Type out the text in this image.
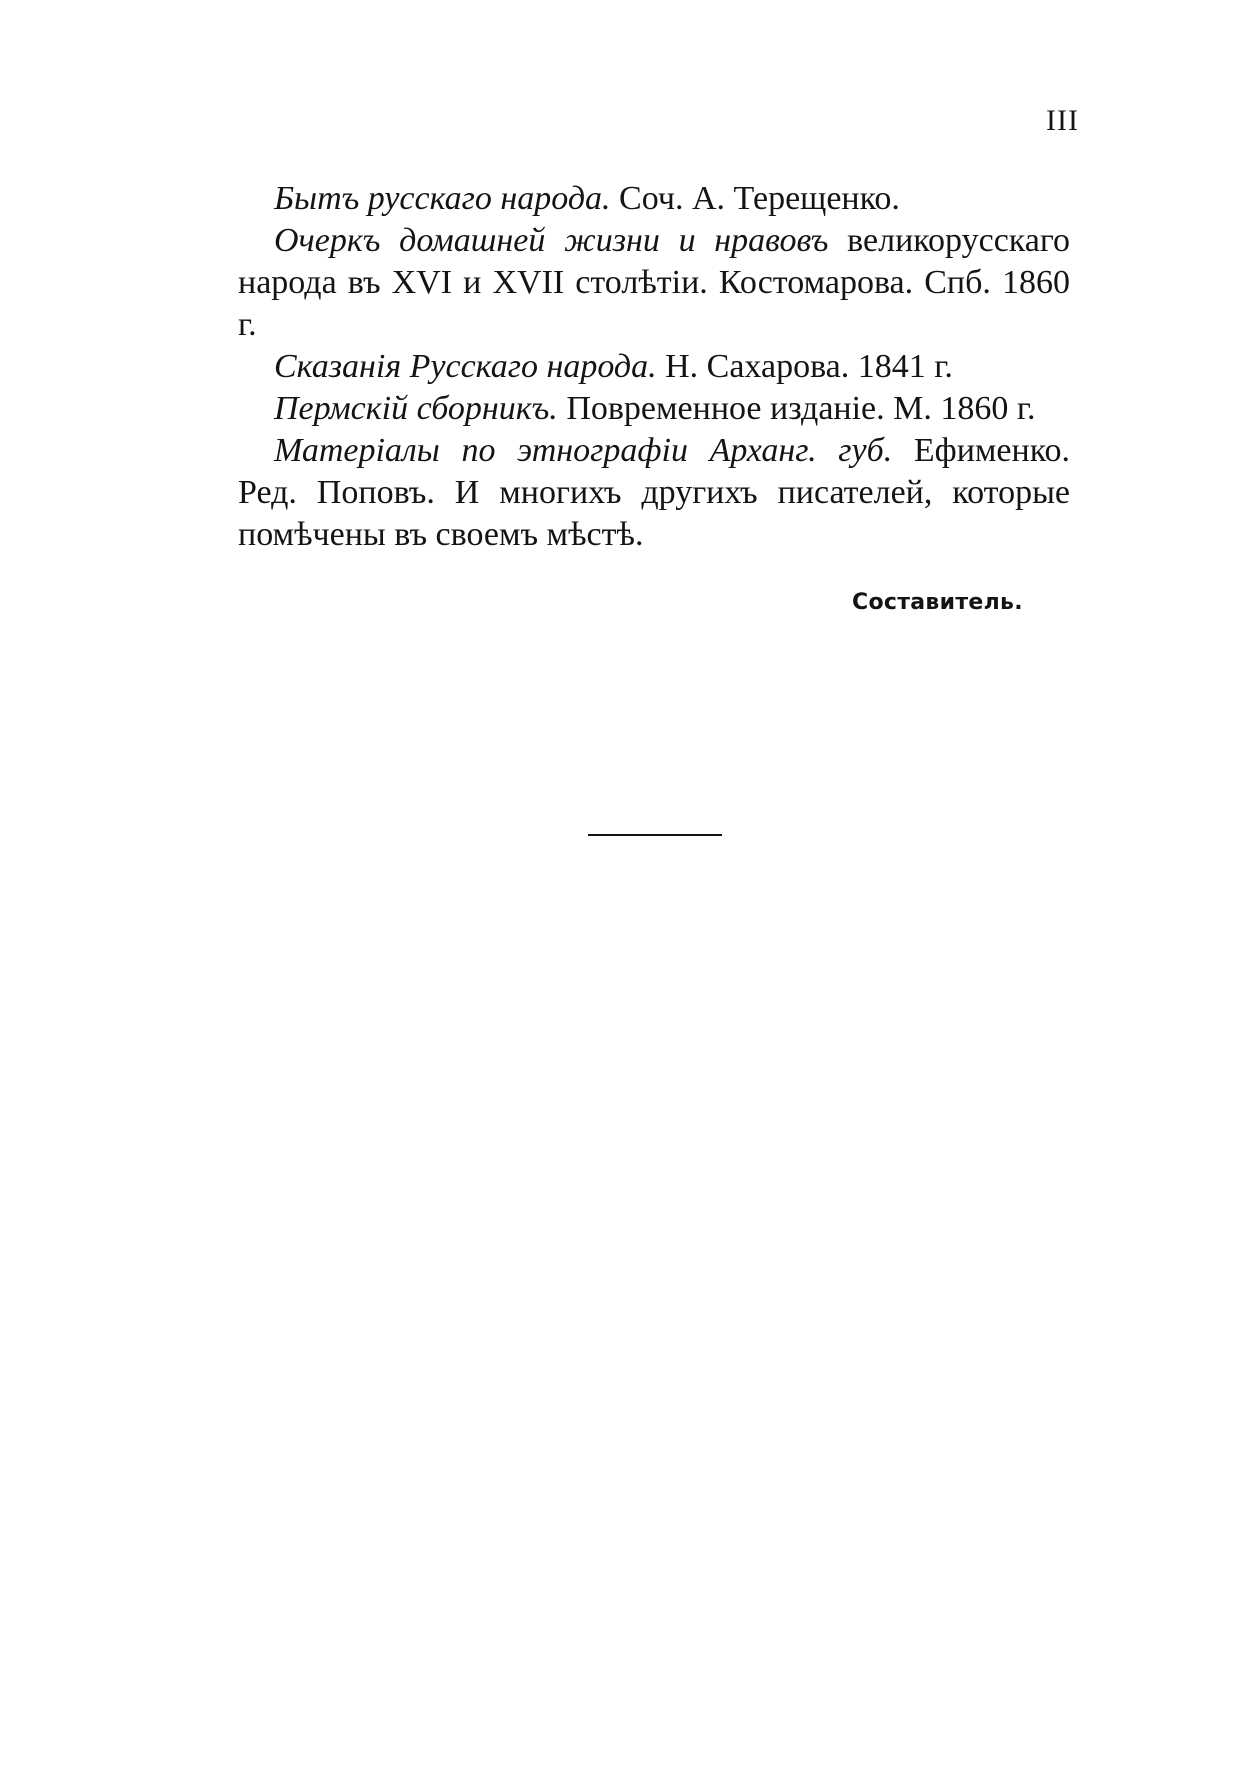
III

Бытъ русскаго народа. Соч. А. Терещенко.

Очеркъ домашней жизни и нравовъ великорусскаго народа въ XVI и XVII столѣтіи. Костомарова. Спб. 1860 г.

Сказанія Русскаго народа. Н. Сахарова. 1841 г.

Пермскій сборникъ. Повременное изданіе. М. 1860 г.

Матеріалы по этнографіи Арханг. губ. Ефименко. Ред. Поповъ. И многихъ другихъ писателей, которые помѣчены въ своемъ мѣстѣ.

Составитель.
